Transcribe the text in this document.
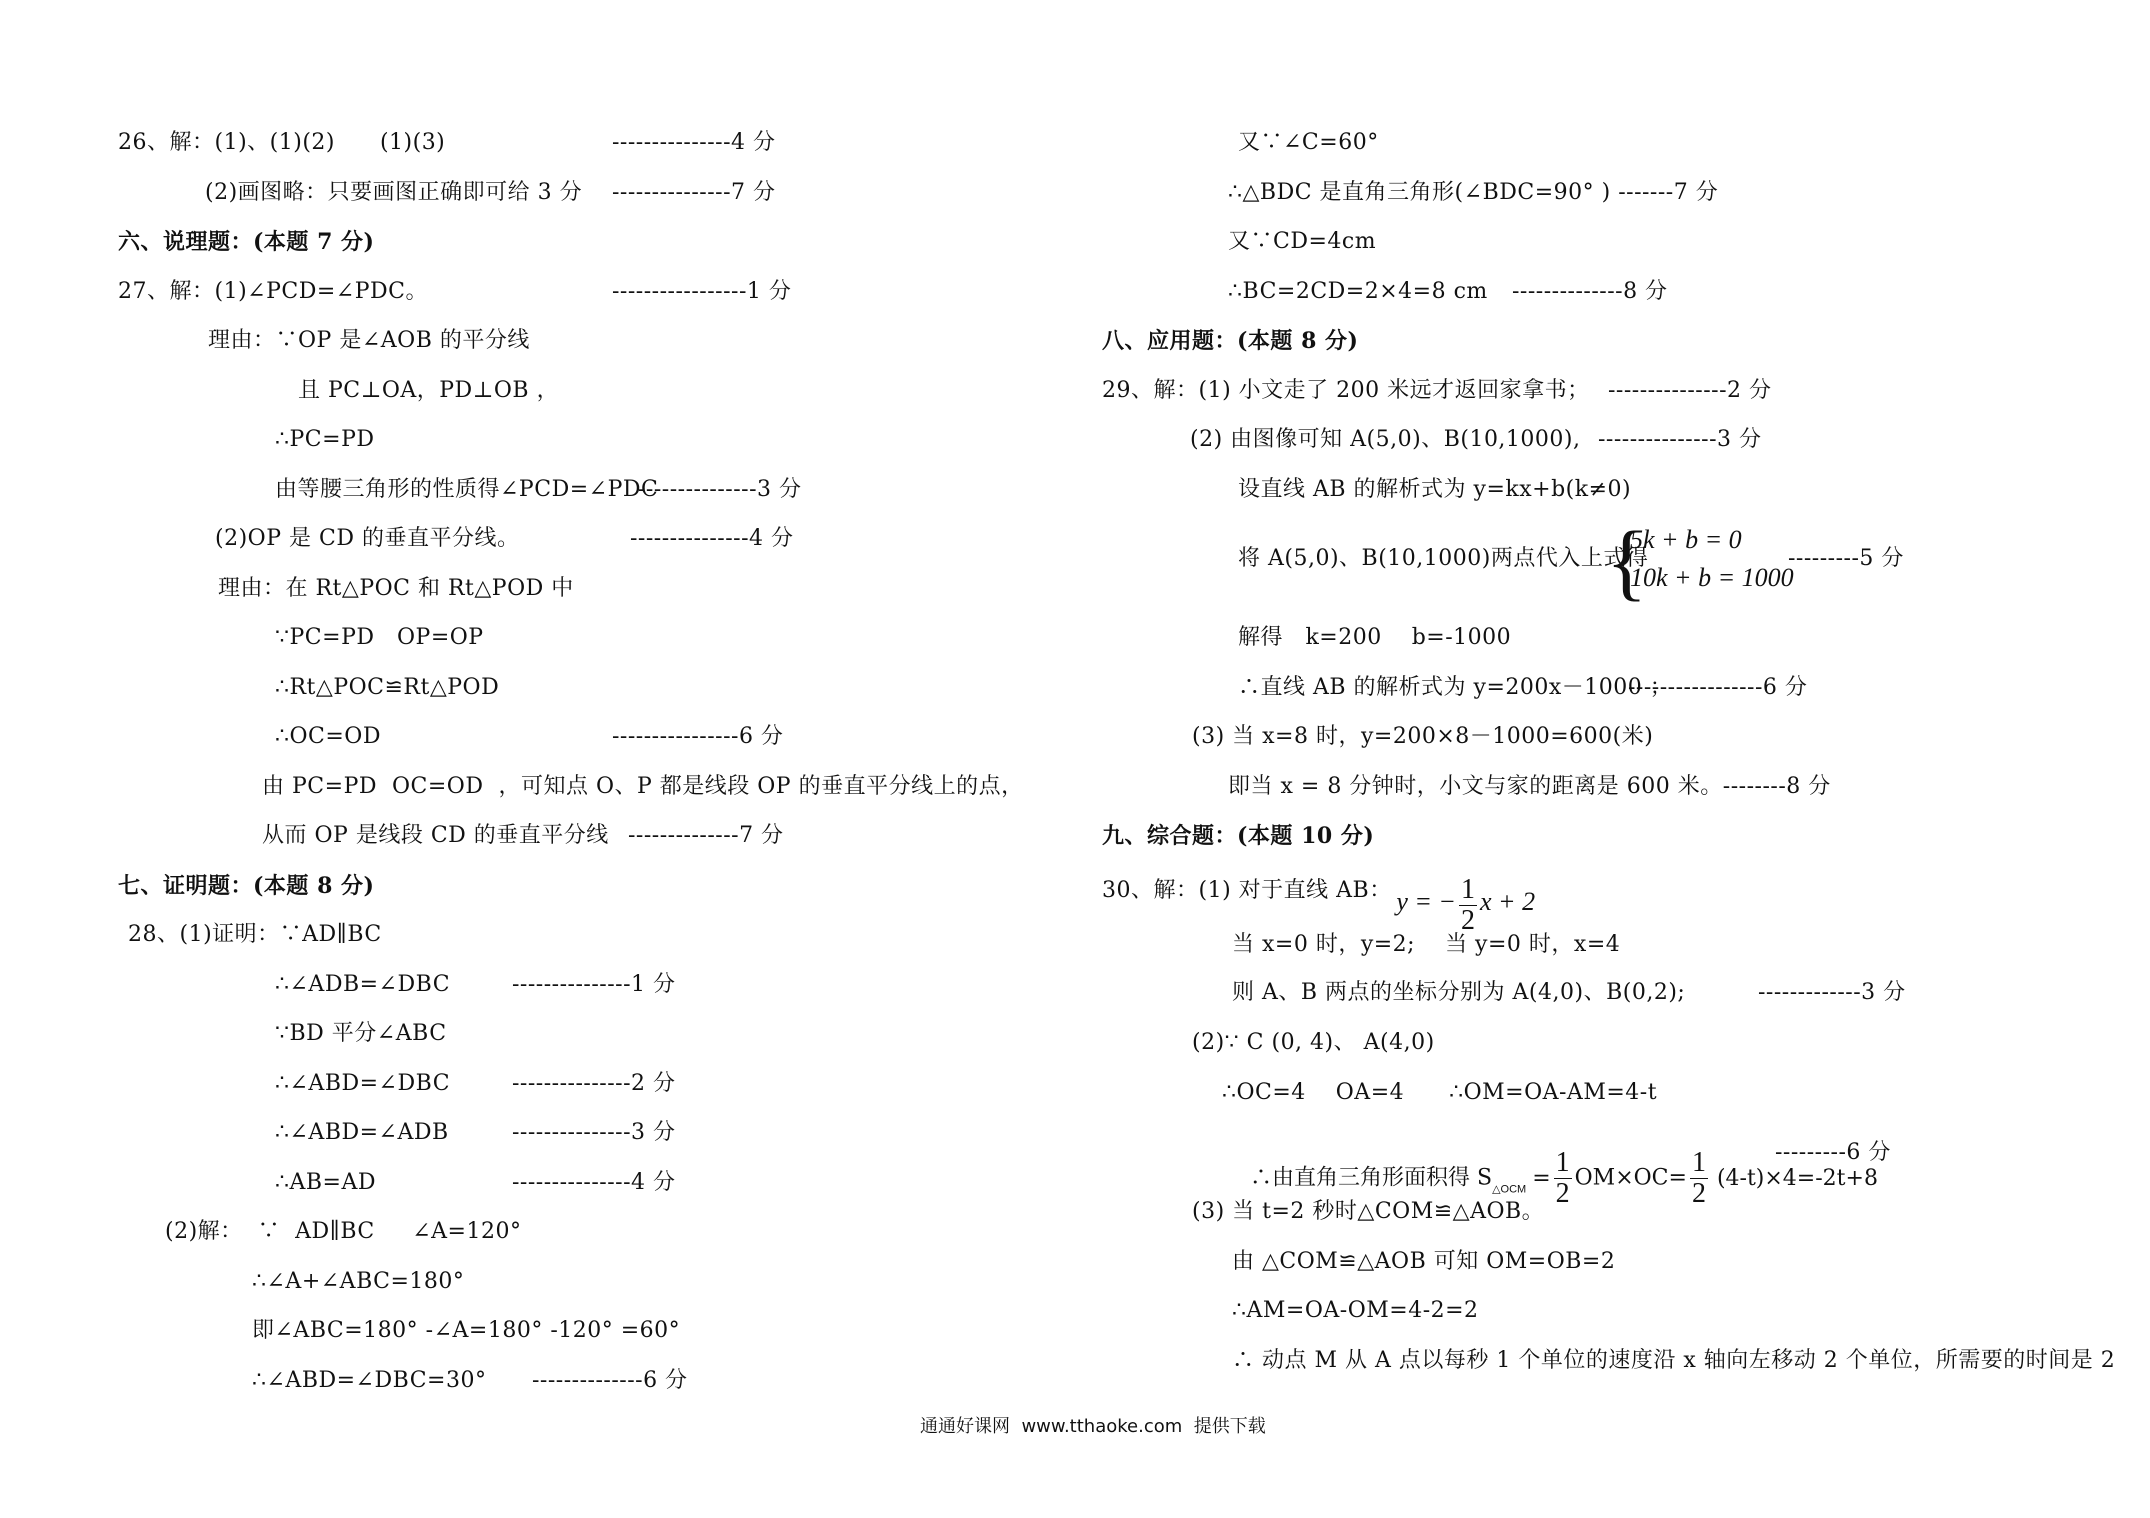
26、解：(1)、(1)(2)      (1)(3)	---------------4 分
(2)画图略：只要画图正确即可给 3 分 ---------------7 分
六、说理题：(本题 7 分)
27、解：(1)∠PCD=∠PDC。	-----------------1 分
理由：∵OP 是∠AOB 的平分线
且 PC⊥OA，PD⊥OB ，
∴PC=PD
由等腰三角形的性质得∠PCD=∠PDC
---------------3 分
(2)OP 是 CD 的垂直平分线。	---------------4 分
理由：在 Rt△POC 和 Rt△POD 中
∵PC=PD   OP=OP
∴Rt△POC≌Rt△POD
∴OC=OD	----------------6 分
由 PC=PD  OC=OD  ，可知点 O、P 都是线段 OP 的垂直平分线上的点，
从而 OP 是线段 CD 的垂直平分线 --------------7 分
七、证明题：(本题 8 分)
28、(1)证明：∵AD∥BC
∴∠ADB=∠DBC	---------------1 分
∵BD 平分∠ABC
∴∠ABD=∠DBC	---------------2 分
∴∠ABD=∠ADB	---------------3 分
∴AB=AD	---------------4 分
(2)解：  ∵  AD∥BC     ∠A=120°
∴∠A+∠ABC=180°
即∠ABC=180° -∠A=180° -120° =60°
∴∠ABD=∠DBC=30° --------------6 分
又∵∠C=60°
∴△BDC 是直角三角形(∠BDC=90° ) -------7 分
又∵CD=4cm
∴BC=2CD=2×4=8 cm --------------8 分
八、应用题：(本题 8 分)
29、解：(1) 小文走了 200 米远才返回家拿书； ---------------2 分
(2) 由图像可知 A(5,0)、B(10,1000), ---------------3 分
设直线 AB 的解析式为 y=kx+b(k≠0)
将 A(5,0)、B(10,1000)两点代入上式得
{
5k + b = 0
10k + b = 1000
---------5 分
解得   k=200    b=-1000
∴直线 AB 的解析式为 y=200x－1000 ；
-----------------6 分
(3) 当 x=8 时，y=200×8－1000=600(米)
即当 x = 8 分钟时，小文与家的距离是 600 米。--------8 分
九、综合题：(本题 10 分)
30、解：(1) 对于直线 AB： y = − $\frac{1}{2}$ x + 2

当 x=0 时，y=2;    当 y=0 时，x=4
则 A、B 两点的坐标分别为 A(4,0)、B(0,2);	-------------3 分
(2)∵ C (0, 4)、 A(4,0)
∴OC=4    OA=4      ∴OM=OA-AM=4-t

∴由直角三角形面积得 $S_{\triangle OCM} = \frac{1}{2} OM\times OC= \frac{1}{2} (4-t)\times 4=-2t+8$

---------6 分
(3) 当 t=2 秒时△COM≌△AOB。
由 △COM≌△AOB 可知 OM=OB=2
∴AM=OA-OM=4-2=2
∴ 动点 M 从 A 点以每秒 1 个单位的速度沿 x 轴向左移动 2 个单位，所需要的时间是 2
通通好课网  www.tthaoke.com  提供下载
